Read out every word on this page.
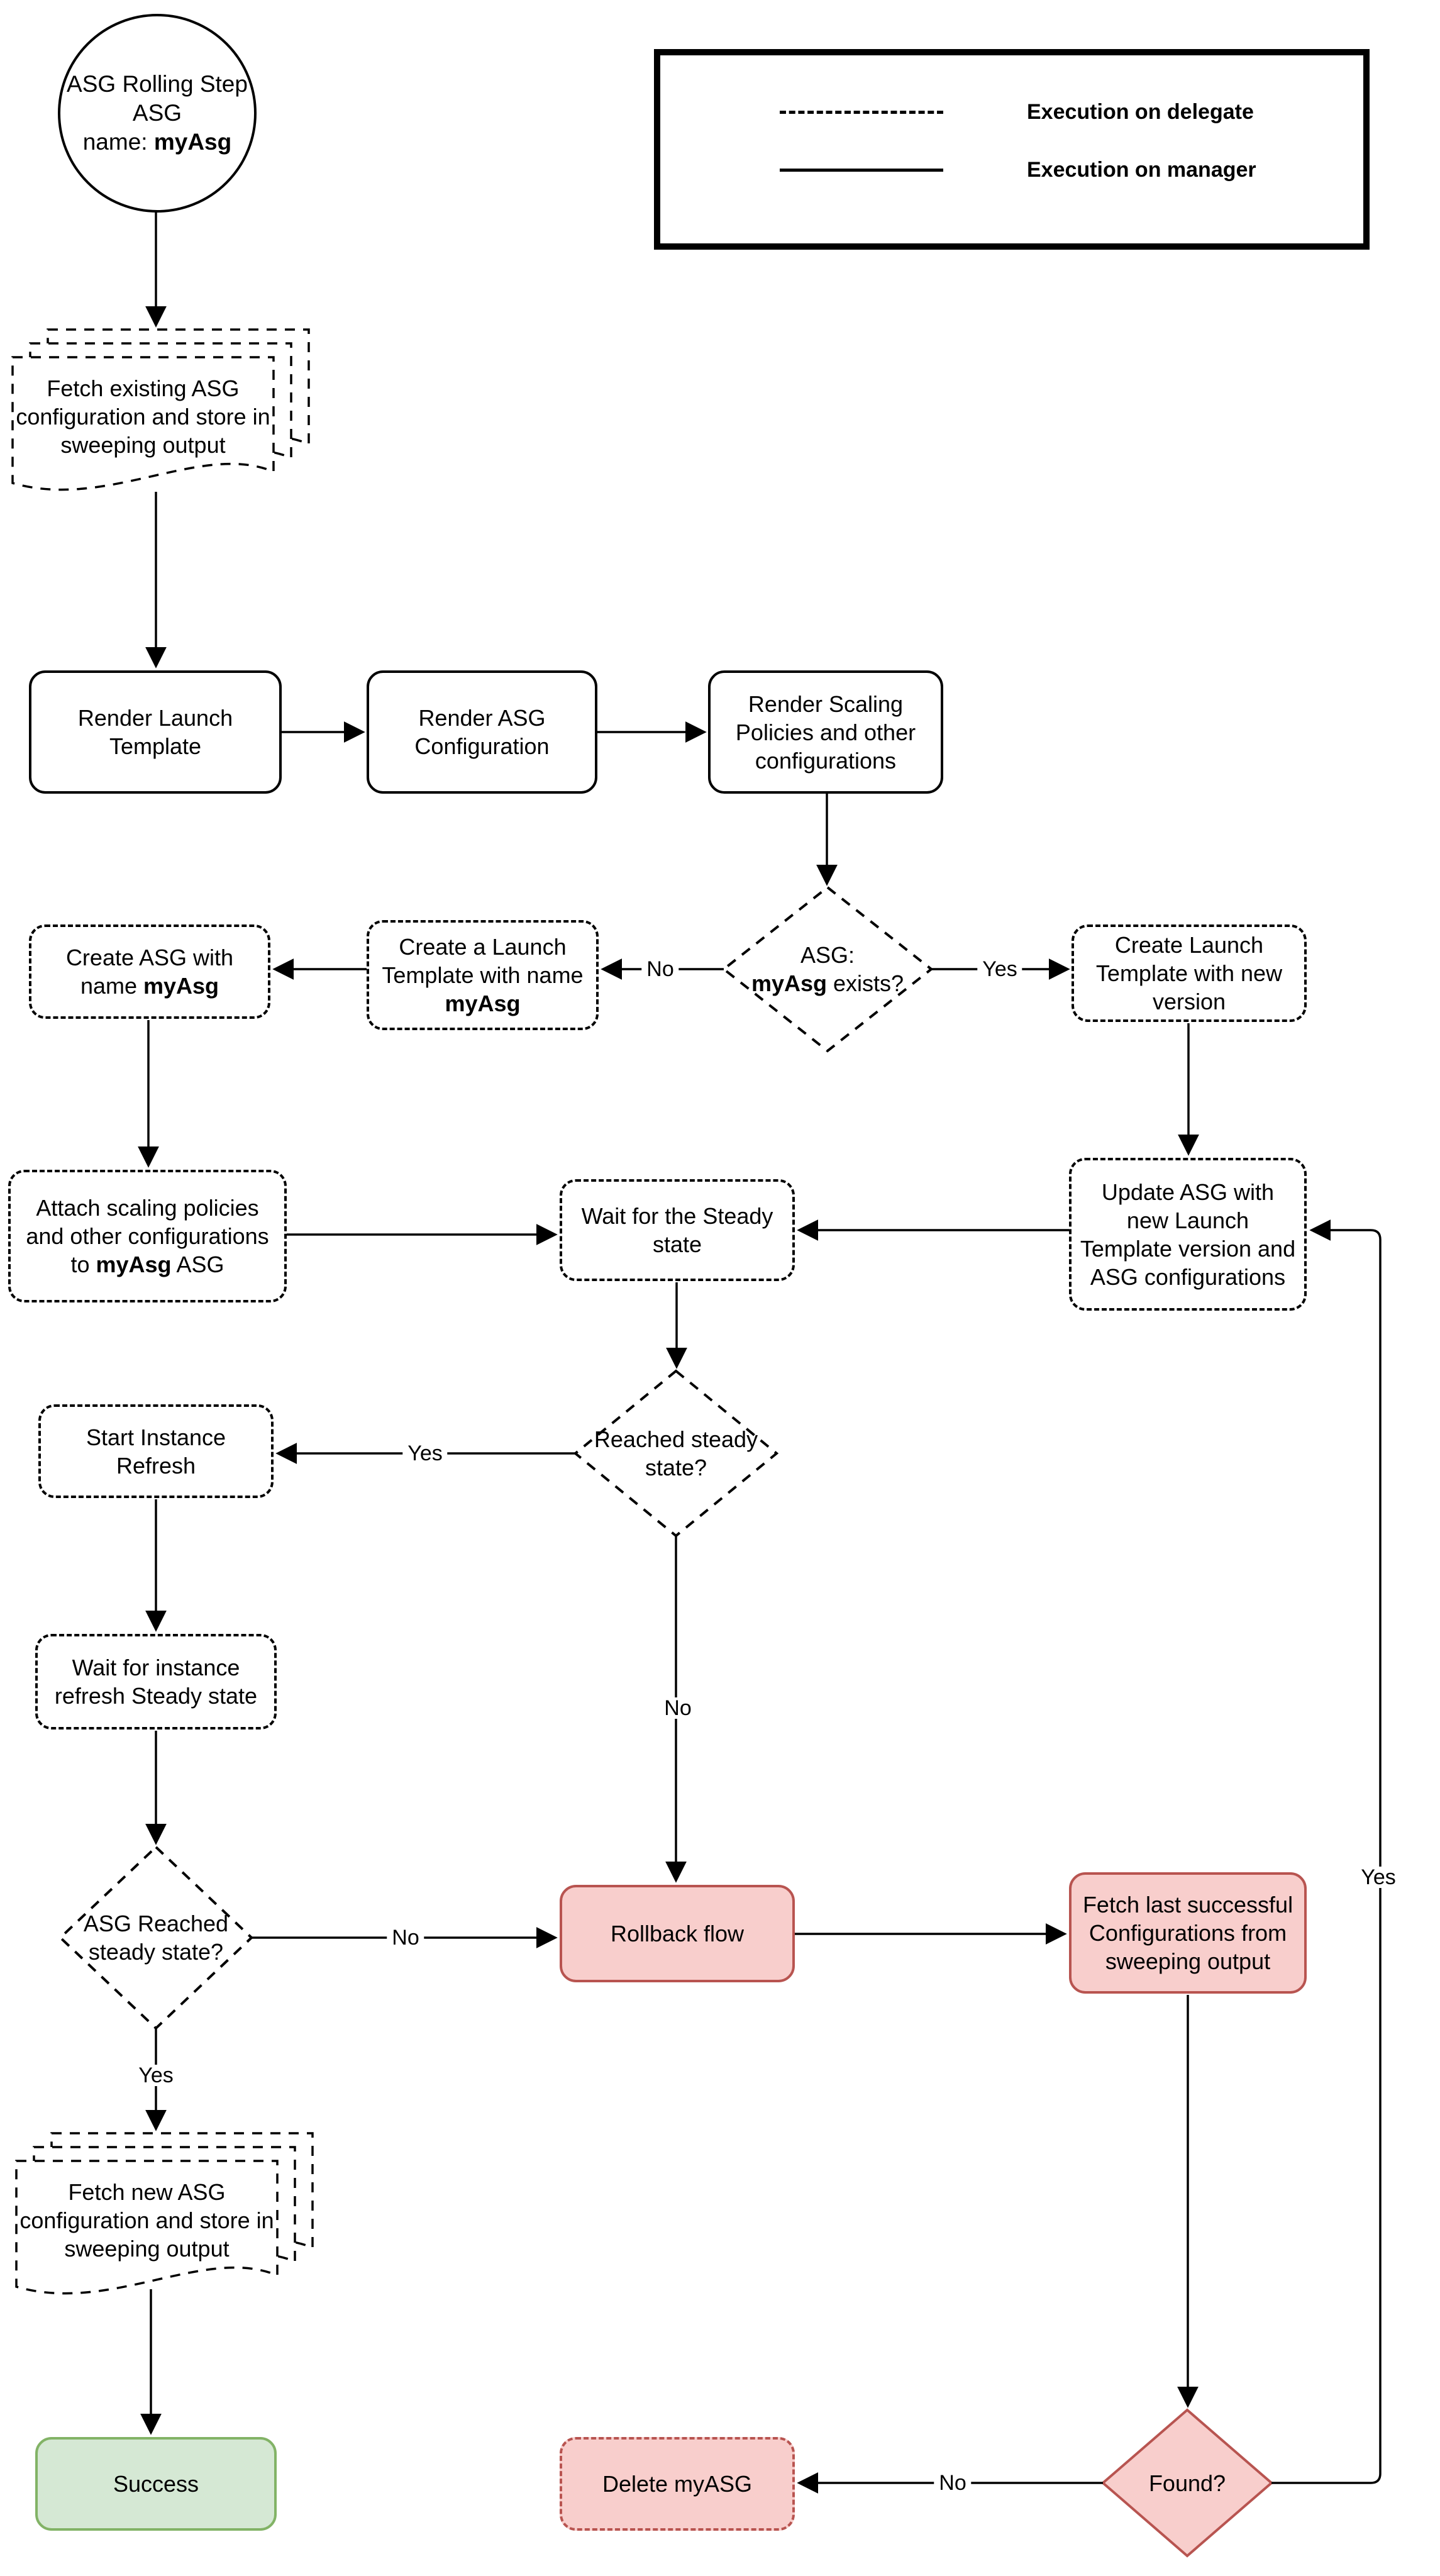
Execution on delegate
Execution on manager
ASG Rolling Step
ASG
name: myAsg
Fetch existing ASG configuration and store in sweeping output
Fetch new ASG configuration and store in sweeping output
Render Launch Template
Render ASG Configuration
Render Scaling Policies and other configurations
Create a Launch Template with name myAsg
Create ASG with name myAsg
Create Launch Template with new version
Attach scaling policies and other configurations to myAsg ASG
Wait for the Steady state
Update ASG with new Launch Template version and ASG configurations
Start Instance Refresh
Wait for instance refresh Steady state
Rollback flow
Fetch last successful Configurations from sweeping output
Success	Delete myASG
ASG:
myAsg exists?
Reached steady state?
ASG Reached steady state?
Found?
No	Yes
Yes
No
No
Yes
No
Yes
